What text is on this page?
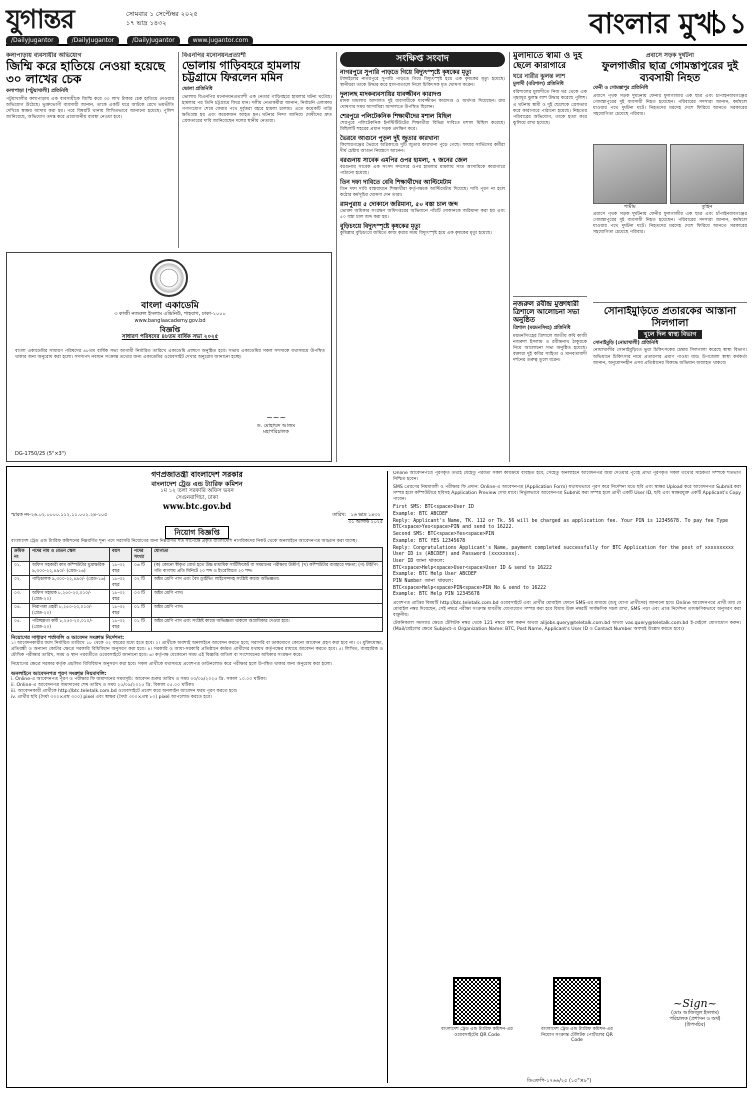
যুগান্তর	সোমবার ১ সেপ্টেম্বর ২০২৫
১৭ ভাদ্র ১৪৩২
/DailyJugantor	/DailyJugantor	/DailyJugantor	www.jugantor.com
বাংলার মুখ
১১
কলাপাড়ায় ব্যবসায়ীর অভিযোগ
জিম্মি করে হাতিয়ে নেওয়া হয়েছে ৩০ লাখের চেক
কলাপাড়া (পটুয়াখালী) প্রতিনিধি
পটুয়াখালীর কলাপাড়ায় এক ব্যবসায়ীকে জিম্মি করে ৩০ লাখ টাকার চেক হাতিয়ে নেওয়ার অভিযোগ উঠেছে। ভুক্তভোগী ব্যবসায়ী জানান, তাকে একটি ঘরে আটকে রেখে ভয়ভীতি দেখিয়ে স্বাক্ষর আদায় করা হয়। পরে বিষয়টি থানায় লিখিতভাবে জানানো হয়েছে। পুলিশ জানিয়েছে, অভিযোগ তদন্ত করে প্রয়োজনীয় ব্যবস্থা নেওয়া হবে।
বিএনপির মনোনয়নপ্রত্যাশী
ভোলায় গাড়িবহরে হামলায় চট্টগ্রামে ফিরলেন মমিন
ভোলা প্রতিনিধি
ভোলায় বিএনপির মনোনয়নপ্রত্যাশী এক নেতার গাড়িবহরে হামলার ঘটনা ঘটেছে। হামলার পর তিনি চট্টগ্রামে ফিরে যান। দলীয় নেতাকর্মীরা জানান, নির্বাচনি এলাকায় গণসংযোগ শেষে ফেরার পথে দুর্বৃত্তরা বহরে হামলা চালায়। এতে কয়েকটি গাড়ি ক্ষতিগ্রস্ত হয় এবং কয়েকজন আহত হন। ঘটনার নিন্দা জানিয়ে দোষীদের দ্রুত গ্রেফতারের দাবি জানিয়েছেন দলের স্থানীয় নেতারা।
বাংলা একাডেমি
৩ কাজী নজরুল ইসলাম এভিনিউ, শাহবাগ, ঢাকা-১০০০
www.banglaacademy.gov.bd
বিজ্ঞপ্তি
সাধারণ পরিষদের ৪৮তম বার্ষিক সভা ২০২৫
বাংলা একাডেমির সাধারণ পরিষদের ৪৮তম বার্ষিক সভা আগামী নির্ধারিত তারিখে একাডেমি প্রাঙ্গণে অনুষ্ঠিত হবে। সভায় একাডেমির সকল সদস্যকে যথাসময়ে উপস্থিত থাকার জন্য অনুরোধ করা হলো। সদস্যপদ নবায়ন সংক্রান্ত তথ্যের জন্য একাডেমির ওয়েবসাইট দেখার অনুরোধ জানানো হচ্ছে।
~~~
ড. মোহাম্মদ আজম
মহাপরিচালক
DG-1750/25 (5"×3")
সংক্ষিপ্ত সংবাদ
নাগরপুরে সুপারি পাড়তে গিয়ে বিদ্যুৎস্পৃষ্টে কৃষকের মৃত্যু
টাঙ্গাইলের নাগরপুরে সুপারি পাড়তে গিয়ে বিদ্যুৎস্পৃষ্ট হয়ে এক কৃষকের মৃত্যু হয়েছে। স্থানীয়রা তাকে উদ্ধার করে হাসপাতালে নিলে চিকিৎসক মৃত ঘোষণা করেন।
দুলালছ মাদকব্যবসায়ির যাবজ্জীবন কারাদণ্ড
মাদক মামলায় আদালত দুই ব্যবসায়ীকে যাবজ্জীবন কারাদণ্ড ও অর্থদণ্ড দিয়েছেন। রায় ঘোষণার সময় আসামিরা আদালতে উপস্থিত ছিলেন।
শেরপুরে পলিটেকনিক শিক্ষার্থীদের মশাল মিছিল
শেরপুরে পলিটেকনিক ইনস্টিটিউটের শিক্ষার্থীরা বিভিন্ন দাবিতে মশাল মিছিল করেছে। মিছিলটি শহরের প্রধান সড়ক প্রদক্ষিণ করে।
ভৈরবে আগুনে পুড়ল দুই জুতার কারখানা
কিশোরগঞ্জের ভৈরবে অগ্নিকাণ্ডে দুটি জুতার কারখানা পুড়ে গেছে। ফায়ার সার্ভিসের কর্মীরা দীর্ঘ চেষ্টায় আগুন নিয়ন্ত্রণে আনেন।
বরগুনায় সাবেক এমপির ওপর হামলা, ৭ জনের জেল
বরগুনায় সাবেক এক সংসদ সদস্যের ওপর হামলার মামলায় সাত আসামিকে কারাগারে পাঠানো হয়েছে।
তিন দফা দাবিতে বেবি শিক্ষার্থীদের আল্টিমেটাম
তিন দফা দাবি বাস্তবায়নে শিক্ষার্থীরা কর্তৃপক্ষকে আল্টিমেটাম দিয়েছে। দাবি পূরণ না হলে কঠোর কর্মসূচির ঘোষণা দেন তারা।
রামপুরায় ৫ দোকানে জরিমানা, ৫০ বস্তা চাল জব্দ
ভোক্তা অধিকার সংরক্ষণ অধিদপ্তরের অভিযানে পাঁচটি দোকানকে জরিমানা করা হয় এবং ৫০ বস্তা চাল জব্দ করা হয়।
বুড়িচংয়ে বিদ্যুৎস্পৃষ্টে কৃষকের মৃত্যু
কুমিল্লার বুড়িচংয়ে জমিতে কাজ করার সময় বিদ্যুৎস্পৃষ্ট হয়ে এক কৃষকের মৃত্যু হয়েছে।
মুলাদীতে স্বামী ও দুই ছেলে কারাগারে
ঘরে নারীর ঝুলন্ত লাশ
মুলাদী (বরিশাল) প্রতিনিধি
বরিশালের মুলাদীতে নিজ ঘর থেকে এক গৃহবধূর ঝুলন্ত লাশ উদ্ধার করেছে পুলিশ। এ ঘটনায় স্বামী ও দুই ছেলেকে গ্রেফতার করে কারাগারে পাঠানো হয়েছে। নিহতের পরিবারের অভিযোগ, তাকে হত্যা করে ঝুলিয়ে রাখা হয়েছে।
প্রবাসে সড়ক দুর্ঘটনা
ফুলগাজীর ছাত্র গোমস্তাপুরের দুই ব্যবসায়ী নিহত
ফেনী ও গোমস্তাপুর প্রতিনিধি
প্রবাসে পৃথক সড়ক দুর্ঘটনায় ফেনীর ফুলগাজীর এক ছাত্র এবং চাঁপাইনবাবগঞ্জের গোমস্তাপুরের দুই ব্যবসায়ী নিহত হয়েছেন। পরিবারের সদস্যরা জানান, কর্মস্থলে যাওয়ার পথে দুর্ঘটনা ঘটে। নিহতদের মরদেহ দেশে ফিরিয়ে আনতে সরকারের সহযোগিতা চেয়েছে পরিবার।
শামীম	তুহিন
প্রবাসে পৃথক সড়ক দুর্ঘটনায় ফেনীর ফুলগাজীর এক ছাত্র এবং চাঁপাইনবাবগঞ্জের গোমস্তাপুরের দুই ব্যবসায়ী নিহত হয়েছেন। পরিবারের সদস্যরা জানান, কর্মস্থলে যাওয়ার পথে দুর্ঘটনা ঘটে। নিহতদের মরদেহ দেশে ফিরিয়ে আনতে সরকারের সহযোগিতা চেয়েছে পরিবার।
নজরুল রবীন্দ্র মুক্তাধারী ত্রিশালে আলোচনা সভা অনুষ্ঠিত
ত্রিশাল (ময়মনসিংহ) প্রতিনিধি
ময়মনসিংহের ত্রিশালে জাতীয় কবি কাজী নজরুল ইসলাম ও রবীন্দ্রনাথ ঠাকুরকে নিয়ে আলোচনা সভা অনুষ্ঠিত হয়েছে। বক্তারা দুই কবির সাহিত্য ও মানবতাবাদী দর্শনের গুরুত্ব তুলে ধরেন।
সোনাইমুড়িতে প্রতারকের আস্তানা সিলগালা
খুলে দিল স্বাস্থ্য বিভাগ
সোনাইমুড়ি (নোয়াখালী) প্রতিনিধি
নোয়াখালীর সোনাইমুড়িতে ভুয়া চিকিৎসকের চেম্বার সিলগালা করেছে স্বাস্থ্য বিভাগ। অভিযানে চিকিৎসার নামে প্রতারণার প্রমাণ পাওয়া যায়। উপজেলা স্বাস্থ্য কর্মকর্তা জানান, অনুমোদনহীন এসব প্রতিষ্ঠানের বিরুদ্ধে অভিযান অব্যাহত থাকবে।
গণপ্রজাতন্ত্রী বাংলাদেশ সরকার
বাংলাদেশ ট্রেড এন্ড ট্যারিফ কমিশন
১ম ১২ তলা সরকারি অফিস ভবন
সেগুনবাগিচা, ঢাকা
www.btc.gov.bd
স্মারক নং-২৬.০২.০০০০.১১২.১১.০০২.২৪-১০৫	তারিখ: ১৬ ভাদ্র ১৪৩২
৩১ আগস্ট ২০২৫
নিয়োগ বিজ্ঞপ্তি
বাংলাদেশ ট্রেড এন্ড ট্যারিফ কমিশনের নিম্নবর্ণিত শূন্য পদে সরাসরি নিয়োগের জন্য নিম্নবর্ণিত শর্ত সাপেক্ষে প্রকৃত বাংলাদেশি নাগরিকদের নিকট থেকে অনলাইনে আবেদনপত্র আহ্বান করা যাচ্ছে।
ক্রমিক নং	পদের নাম ও বেতন স্কেল	বয়স	পদের সংখ্যা	যোগ্যতা
০১.	অফিস সহকারী কাম কম্পিউটার মুদ্রাক্ষরিক ৯,৩০০-২২,৪৯০/- (গ্রেড-১৬)	১৮-৩২ বছর	০৬ টি	(ক) কোনো স্বীকৃত বোর্ড হতে উচ্চ মাধ্যমিক সার্টিফিকেট বা সমমানের পরীক্ষায় উত্তীর্ণ; (খ) কম্পিউটার ব্যবহারে দক্ষতা; (গ) টাইপিং গতি বাংলায় প্রতি মিনিটে ২০ শব্দ ও ইংরেজিতে ২০ শব্দ।
০২.	গাড়িচালক ৯,৩০০-২২,৪৯০/- (গ্রেড-১৬)	১৮-৩২ বছর	০২ টি	অষ্টম শ্রেণি পাস এবং বৈধ ড্রাইভিং লাইসেন্সসহ সংশ্লিষ্ট কাজে অভিজ্ঞতা।
০৩.	অফিস সহায়ক ৮,২৫০-২০,০১০/- (গ্রেড-২০)	১৮-৩২ বছর	০৩ টি	অষ্টম শ্রেণি পাস।
০৪.	নিরাপত্তা প্রহরী ৮,২৫০-২০,০১০/- (গ্রেড-২০)	১৮-৩২ বছর	০১ টি	অষ্টম শ্রেণি পাস।
০৫.	পরিচ্ছন্নতা কর্মী ৮,২৫০-২০,০১০/- (গ্রেড-২০)	১৮-৩২ বছর	০১ টি	অষ্টম শ্রেণি পাস এবং সংশ্লিষ্ট কাজে অভিজ্ঞতা থাকলে অগ্রাধিকার দেওয়া হবে।
নিয়োগের সাধারণ শর্তাবলি ও আবেদন সংক্রান্ত নির্দেশনা:
১। আবেদনকারীর বয়স নির্ধারিত তারিখে ১৮ থেকে ৩২ বছরের মধ্যে হতে হবে। ২। প্রার্থীকে অবশ্যই অনলাইনে আবেদন করতে হবে; সরাসরি বা ডাকযোগে কোনো আবেদন গ্রহণ করা হবে না। ৩। মুক্তিযোদ্ধা, প্রতিবন্ধী ও অন্যান্য কোটার ক্ষেত্রে সরকারি বিধিবিধান অনুসরণ করা হবে। ৪। সরকারি ও আধা-সরকারি প্রতিষ্ঠানে কর্মরত প্রার্থীদের যথাযথ কর্তৃপক্ষের মাধ্যমে আবেদন করতে হবে। ৫। লিখিত, ব্যবহারিক ও মৌখিক পরীক্ষার তারিখ, সময় ও স্থান পরবর্তীতে ওয়েবসাইটে জানানো হবে। ৬। কর্তৃপক্ষ যেকোনো সময় এই বিজ্ঞপ্তি বাতিল বা সংশোধনের অধিকার সংরক্ষণ করে।
নিয়োগের ক্ষেত্রে সরকার কর্তৃক প্রচলিত বিধিবিধান অনুসরণ করা হবে। সকল প্রার্থীকে যথাসময়ে প্রবেশপত্র ডাউনলোড করে পরীক্ষার হলে উপস্থিত থাকার জন্য অনুরোধ করা হলো।
অনলাইনে আবেদনপত্র পূরণ সংক্রান্ত নিয়মাবলি:
i. Online-এ আবেদনপত্র পূরণ ও পরীক্ষার ফি জমাদানের সময়সূচি: আবেদন শুরুর তারিখ ও সময় ০৩/০৯/২০২৫ খ্রি. সকাল ১০.০০ ঘটিকা।
ii. Online-এ আবেদনপত্র জমাদানের শেষ তারিখ ও সময় ২৫/০৯/২০২৫ খ্রি. বিকাল ০৫.০০ ঘটিকা।
iii. আবেদনকারী প্রার্থীকে http://btc.teletalk.com.bd ওয়েবসাইটে প্রবেশ করে অনলাইন আবেদন ফরম পূরণ করতে হবে।
iv. প্রার্থীর ছবি (দৈর্ঘ্য ৩০০×প্রস্থ ৩০০) pixel এবং স্বাক্ষর (দৈর্ঘ্য ৩০০×প্রস্থ ৮০) pixel আপলোড করতে হবে।
Online আবেদনপত্রে পূরণকৃত তথ্যই যেহেতু পরবর্তী সকল কার্যক্রমে ব্যবহৃত হবে, সেহেতু অনলাইনে আবেদনপত্র জমা দেওয়ার পূর্বেই প্রার্থী পূরণকৃত সকল তথ্যের সঠিকতা সম্পর্কে শতভাগ নিশ্চিত হবেন।
SMS প্রেরণের নিয়মাবলী ও পরীক্ষার ফি প্রদান: Online-এ আবেদনপত্র (Application Form) যথাযথভাবে পূরণ করে নির্দেশনা মতে ছবি এবং স্বাক্ষর Upload করে আবেদনপত্র Submit করা সম্পন্ন হলে কম্পিউটারে ছবিসহ Application Preview দেখা যাবে। নির্ভুলভাবে আবেদনপত্র Submit করা সম্পন্ন হলে প্রার্থী একটি User ID, ছবি এবং স্বাক্ষরযুক্ত একটি Applicant's Copy পাবেন।
First SMS: BTC<space>User ID
Example: BTC ABCDEF
Reply: Applicant's Name, TK. 112 or Tk. 56 will be charged as application fee. Your PIN is 12345678. To pay fee Type BTC<space>Yes<space>PIN and send to 16222.
Second SMS: BTC<space>Yes<space>PIN
Example: BTC YES 12345678
Reply: Congratulations Applicant's Name, payment completed successfully for BTC Application for the post of xxxxxxxxxx User ID is (ABCDEF) and Password (xxxxxxxx).
User ID জানা থাকলে:
BTC<space>Help<space>User<space>User ID & send to 16222
Example: BTC Help User ABCDEF
PIN Number জানা থাকলে:
BTC<space>Help<space>PIN<space>PIN No & send to 16222
Example: BTC Help PIN 12345678
প্রবেশপত্র প্রাপ্তির বিষয়টি http://btc.teletalk.com.bd ওয়েবসাইটে এবং প্রার্থীর মোবাইল ফোনে SMS-এর মাধ্যমে (শুধু যোগ্য প্রার্থীদের) জানানো হবে। Online আবেদনপত্রে প্রার্থী তার যে মোবাইল নম্বর দিয়েছেন, সেই নম্বরে পরীক্ষা সংক্রান্ত যাবতীয় যোগাযোগ সম্পন্ন করা হবে বিধায় উক্ত নম্বরটি সার্বক্ষণিক সচল রাখা, SMS পড়া এবং প্রাপ্ত নির্দেশনা তাৎক্ষণিকভাবে অনুসরণ করা বাঞ্ছনীয়।
টেকনিক্যাল সমস্যার ক্ষেত্রে টেলিটক নম্বর থেকে 121 নম্বরে কল করুন অথবা alljobs.query@teletalk.com.bd অথবা vas.query@teletalk.com.bd ই-মেইলে যোগাযোগ করুন। (Mail/মেইলের ক্ষেত্রে Subject-এ Organization Name: BTC, Post Name, Applicant's User ID ও Contact Number অবশ্যই উল্লেখ করতে হবে।)
বাংলাদেশ ট্রেড এন্ড ট্যারিফ কমিশন-এর ওয়েবসাইটের QR Code
বাংলাদেশ ট্রেড এন্ড ট্যারিফ কমিশন-এর নিয়োগ সংক্রান্ত টেলিটক পোর্টালের QR Code
~Sign~
(মোঃ আজিজুল ইসলাম)
পরিচালক (প্রশাসন ও অর্থ)
(উপসচিব)
ডিএফপি-১৭৬৬/২৫ (১৫"×৮")
